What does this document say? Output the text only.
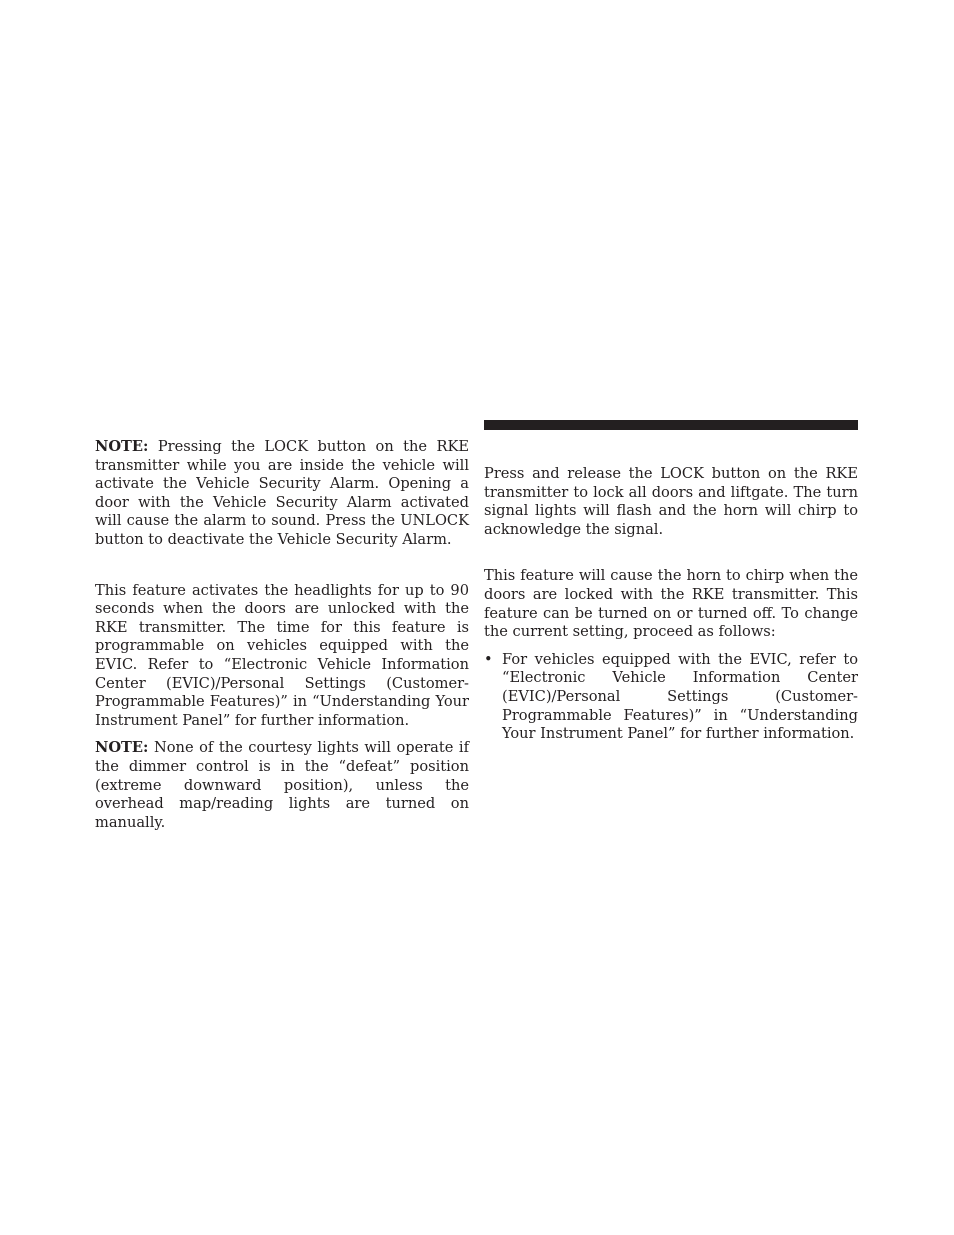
NOTE: Pressing the LOCK button on the RKE transmitter while you are inside the vehicle will activate the Vehicle Security Alarm. Opening a door with the Vehicle Security Alarm activated will cause the alarm to sound. Press the UNLOCK button to deactivate the Vehicle Security Alarm.

This feature activates the headlights for up to 90 seconds when the doors are unlocked with the RKE transmitter. The time for this feature is programmable on vehicles equipped with the EVIC. Refer to “Electronic Vehicle Information Center (EVIC)/Personal Settings (Customer-Programmable Features)” in “Understanding Your Instrument Panel” for further information.

NOTE: None of the courtesy lights will operate if the dimmer control is in the “defeat” position (extreme downward position), unless the overhead map/reading lights are turned on manually.

Press and release the LOCK button on the RKE transmitter to lock all doors and liftgate. The turn signal lights will flash and the horn will chirp to acknowledge the signal.

This feature will cause the horn to chirp when the doors are locked with the RKE transmitter. This feature can be turned on or turned off. To change the current setting, proceed as follows:

• For vehicles equipped with the EVIC, refer to “Electronic Vehicle Information Center (EVIC)/Personal Settings (Customer-Programmable Features)” in “Understanding Your Instrument Panel” for further information.
